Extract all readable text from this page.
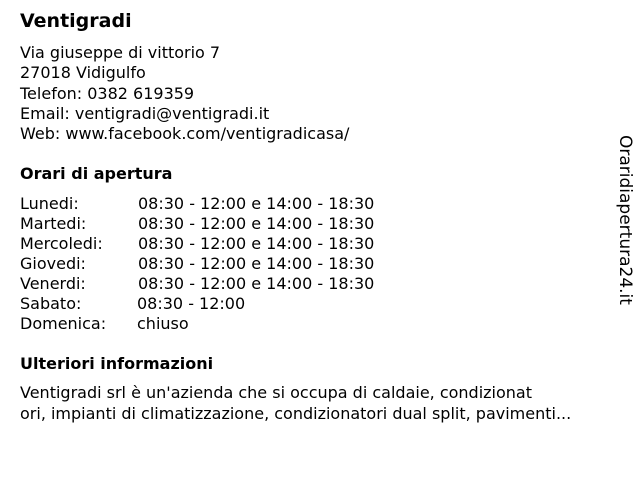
Ventigradi
Via giuseppe di vittorio 7
27018 Vidigulfo
Telefon: 0382 619359
Email: ventigradi@ventigradi.it
Web: www.facebook.com/ventigradicasa/
Orari di apertura
Lunedi:	08:30 - 12:00 e 14:00 - 18:30
Martedi:	08:30 - 12:00 e 14:00 - 18:30
Mercoledi:	08:30 - 12:00 e 14:00 - 18:30
Giovedi:	08:30 - 12:00 e 14:00 - 18:30
Venerdi:	08:30 - 12:00 e 14:00 - 18:30
Sabato:	08:30 - 12:00
Domenica:	chiuso
Ulteriori informazioni
Ventigradi srl è un'azienda che si occupa di caldaie, condizionat
ori, impianti di climatizzazione, condizionatori dual split, pavimenti...
Oraridiapertura24.it
